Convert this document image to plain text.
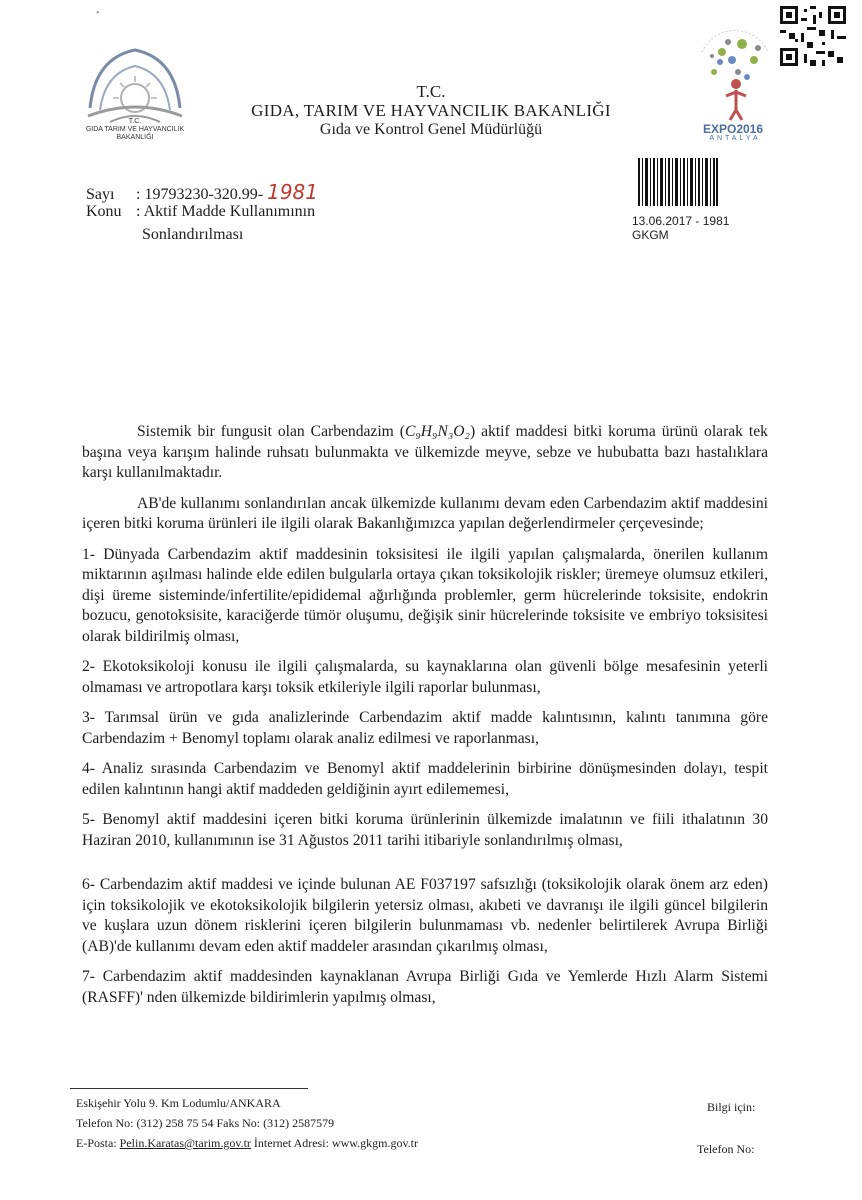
•
T.C.
GIDA TARIM VE HAYVANCILIK
BAKANLIĞI
T.C.
GIDA, TARIM VE HAYVANCILIK BAKANLIĞI
Gıda ve Kontrol Genel Müdürlüğü	EXPO2016
ANTALYA
13.06.2017 - 1981
GKGM
Sayı : 19793230-320.99- 1981
Konu : Aktif Madde Kullanımının
Sonlandırılması

Sistemik bir fungusit olan Carbendazim (C₉H₉N₃O₂) aktif maddesi bitki koruma ürünü olarak tek başına veya karışım halinde ruhsatı bulunmakta ve ülkemizde meyve, sebze ve hububatta bazı hastalıklara karşı kullanılmaktadır.

AB'de kullanımı sonlandırılan ancak ülkemizde kullanımı devam eden Carbendazim aktif maddesini içeren bitki koruma ürünleri ile ilgili olarak Bakanlığımızca yapılan değerlendirmeler çerçevesinde;

1- Dünyada Carbendazim aktif maddesinin toksisitesi ile ilgili yapılan çalışmalarda, önerilen kullanım miktarının aşılması halinde elde edilen bulgularla ortaya çıkan toksikolojik riskler; üremeye olumsuz etkileri, dişi üreme sisteminde/infertilite/epididemal ağırlığında problemler, germ hücrelerinde toksisite, endokrin bozucu, genotoksisite, karaciğerde tümör oluşumu, değişik sinir hücrelerinde toksisite ve embriyo toksisitesi olarak bildirilmiş olması,

2- Ekotoksikoloji konusu ile ilgili çalışmalarda, su kaynaklarına olan güvenli bölge mesafesinin yeterli olmaması ve artropotlara karşı toksik etkileriyle ilgili raporlar bulunması,

3- Tarımsal ürün ve gıda analizlerinde Carbendazim aktif madde kalıntısının, kalıntı tanımına göre Carbendazim + Benomyl toplamı olarak analiz edilmesi ve raporlanması,

4- Analiz sırasında Carbendazim ve Benomyl aktif maddelerinin birbirine dönüşmesinden dolayı, tespit edilen kalıntının hangi aktif maddeden geldiğinin ayırt edilememesi,

5- Benomyl aktif maddesini içeren bitki koruma ürünlerinin ülkemizde imalatının ve fiili ithalatının 30 Haziran 2010, kullanımının ise 31 Ağustos 2011 tarihi itibariyle sonlandırılmış olması,

6- Carbendazim aktif maddesi ve içinde bulunan AE F037197 safsızlığı (toksikolojik olarak önem arz eden) için toksikolojik ve ekotoksikolojik bilgilerin yetersiz olması, akıbeti ve davranışı ile ilgili güncel bilgilerin ve kuşlara uzun dönem risklerini içeren bilgilerin bulunmaması vb. nedenler belirtilerek Avrupa Birliği (AB)'de kullanımı devam eden aktif maddeler arasından çıkarılmış olması,

7- Carbendazim aktif maddesinden kaynaklanan Avrupa Birliği Gıda ve Yemlerde Hızlı Alarm Sistemi (RASFF)' nden ülkemizde bildirimlerin yapılmış olması,

Eskişehir Yolu 9. Km Lodumlu/ANKARA
Telefon No: (312) 258 75 54 Faks No: (312) 2587579
E-Posta: Pelin.Karatas@tarim.gov.tr İnternet Adresi: www.gkgm.gov.tr
Bilgi için:
Telefon No:
